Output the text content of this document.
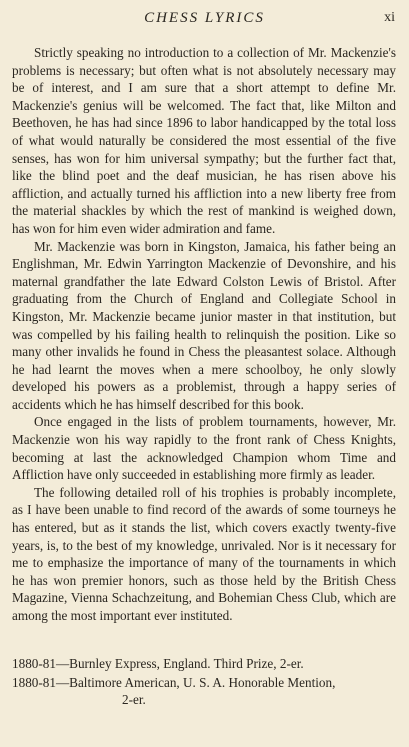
CHESS LYRICS	xi

Strictly speaking no introduction to a collection of Mr. Mackenzie's problems is necessary; but often what is not absolutely necessary may be of interest, and I am sure that a short attempt to define Mr. Mackenzie's genius will be welcomed. The fact that, like Milton and Beethoven, he has had since 1896 to labor handicapped by the total loss of what would naturally be considered the most essential of the five senses, has won for him universal sympathy; but the further fact that, like the blind poet and the deaf musician, he has risen above his affliction, and actually turned his affliction into a new liberty free from the material shackles by which the rest of mankind is weighed down, has won for him even wider admiration and fame.

Mr. Mackenzie was born in Kingston, Jamaica, his father being an Englishman, Mr. Edwin Yarrington Mackenzie of Devonshire, and his maternal grandfather the late Edward Colston Lewis of Bristol. After graduating from the Church of England and Collegiate School in Kingston, Mr. Mackenzie became junior master in that institution, but was compelled by his failing health to relinquish the position. Like so many other invalids he found in Chess the pleasantest solace. Although he had learnt the moves when a mere schoolboy, he only slowly developed his powers as a problemist, through a happy series of accidents which he has himself described for this book.

Once engaged in the lists of problem tournaments, however, Mr. Mackenzie won his way rapidly to the front rank of Chess Knights, becoming at last the acknowledged Champion whom Time and Affliction have only succeeded in establishing more firmly as leader.

The following detailed roll of his trophies is probably incomplete, as I have been unable to find record of the awards of some tourneys he has entered, but as it stands the list, which covers exactly twenty-five years, is, to the best of my knowledge, unrivaled. Nor is it necessary for me to emphasize the importance of many of the tournaments in which he has won premier honors, such as those held by the British Chess Magazine, Vienna Schachzeitung, and Bohemian Chess Club, which are among the most important ever instituted.

1880-81—Burnley Express, England. Third Prize, 2-er.
1880-81—Baltimore American, U. S. A. Honorable Mention,
2-er.
